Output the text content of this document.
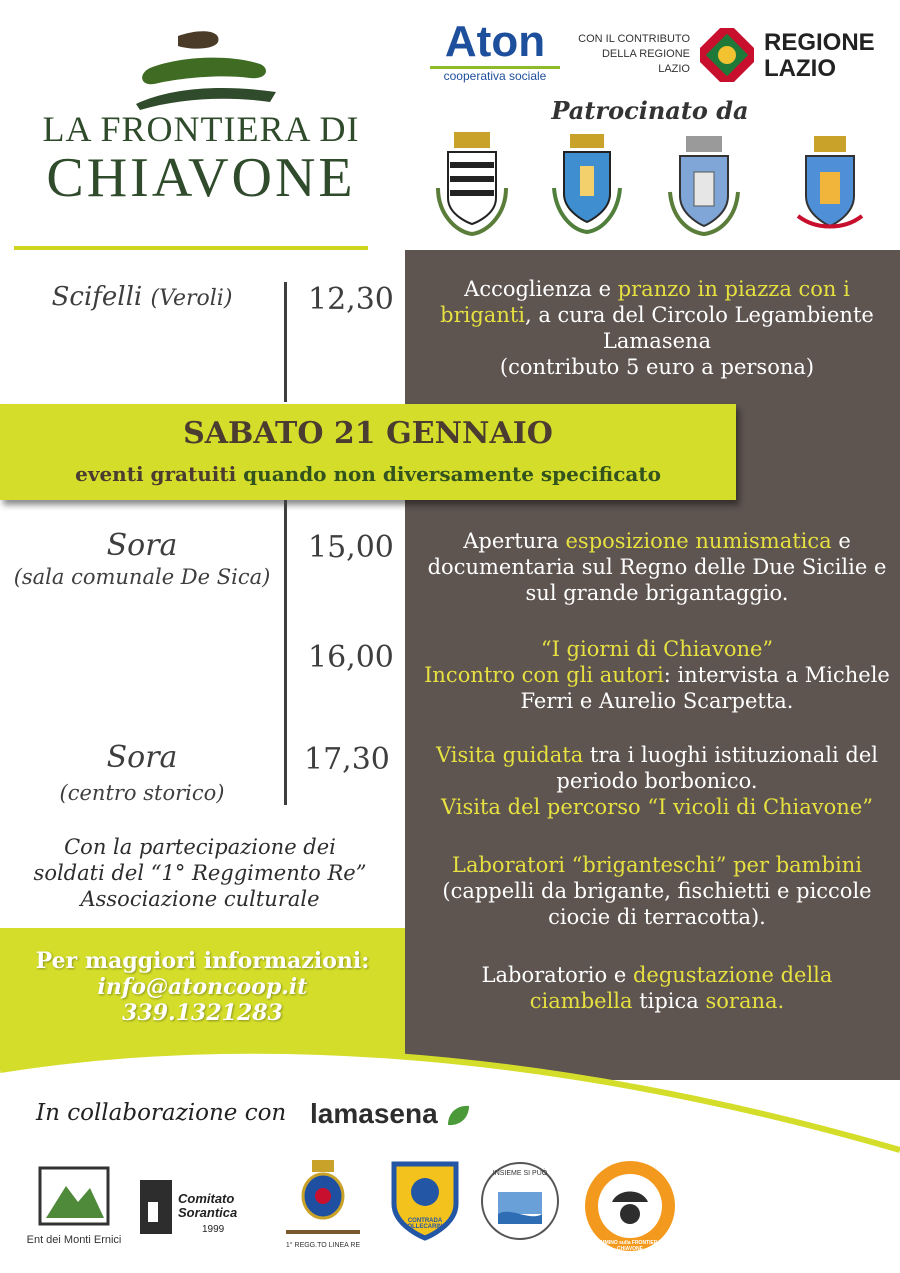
LA FRONTIERA DI
CHIAVONE
Aton
cooperativa sociale
CON IL CONTRIBUTO
DELLA REGIONE
LAZIO
REGIONE
LAZIO
Patrocinato da
Scifelli (Veroli)	12,30	Accoglienza e pranzo in piazza con i briganti, a cura del Circolo Legambiente Lamasena
(contributo 5 euro a persona)
SABATO 21 GENNAIO
eventi gratuiti quando non diversamente specificato
Sora
(sala comunale De Sica)
15,00	Apertura esposizione numismatica e documentaria sul Regno delle Due Sicilie e sul grande brigantaggio.
16,00	“I giorni di Chiavone”
Incontro con gli autori: intervista a Michele Ferri e Aurelio Scarpetta.
Sora
(centro storico)
17,30	Visita guidata tra i luoghi istituzionali del periodo borbonico.
Visita del percorso “I vicoli di Chiavone”
Con la partecipazione dei
soldati del “1° Reggimento Re”
Associazione culturale
Laboratori “briganteschi” per bambini
(cappelli da brigante, fischietti e piccole ciocie di terracotta).
Per maggiori informazioni:
info@atoncoop.it
339.1321283
Laboratorio e degustazione della ciambella tipica sorana.
In collaborazione con lamasena
Ent dei Monti Ernici
Comitato Sorantica
1999
1° REGG.TO LINEA RE
CONTRADA COLLECARINO
INSIEME SI PUÒ
CAMMINO sulla FRONTIERA di CHIAVONE
